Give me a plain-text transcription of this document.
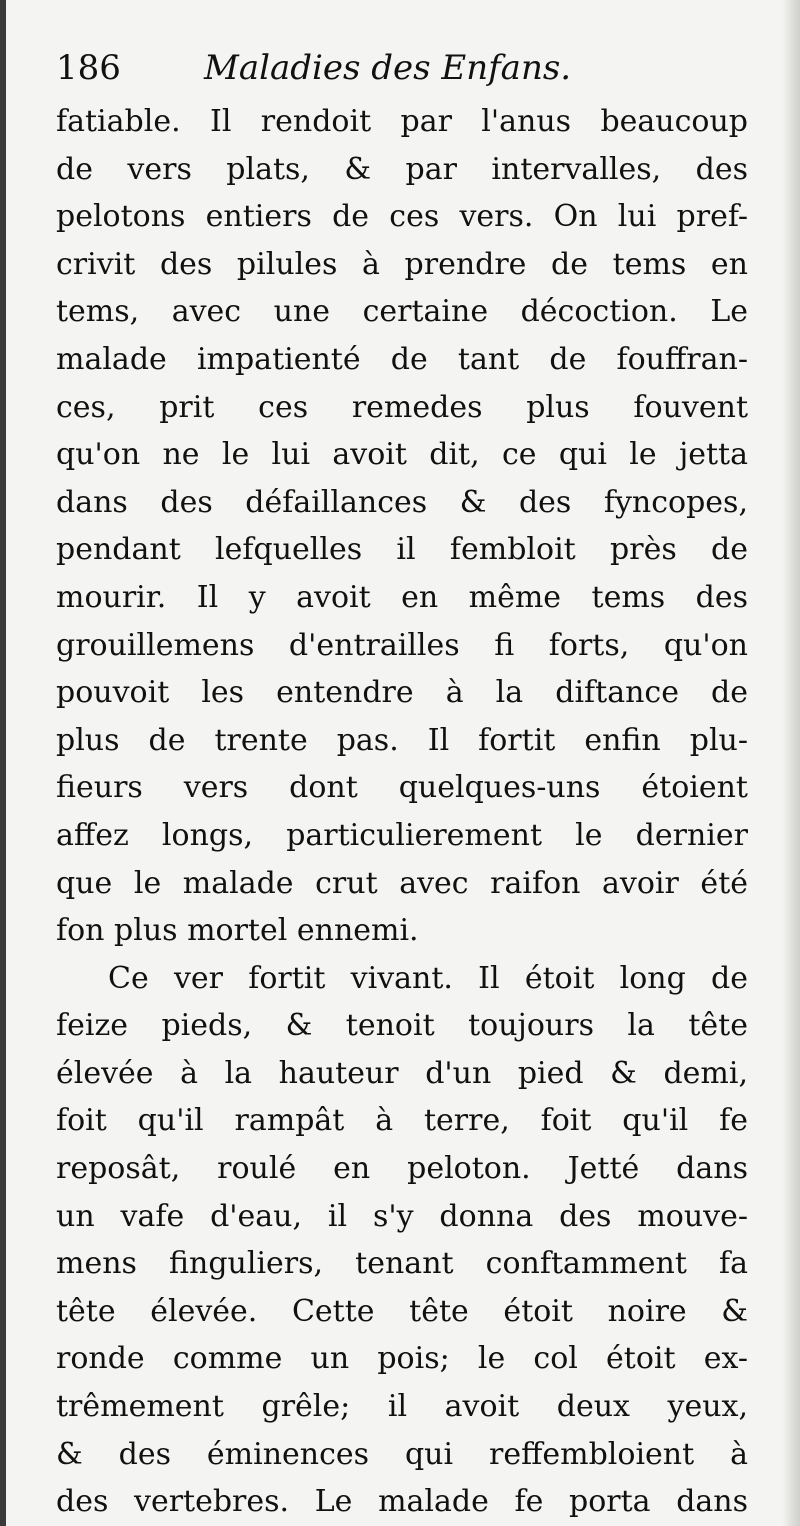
186 Maladies des Enfans.
fatiable. Il rendoit par l'anus beaucoup
de vers plats, & par intervalles, des
pelotons entiers de ces vers. On lui pref-
crivit des pilules à prendre de tems en
tems, avec une certaine décoction. Le
malade impatienté de tant de fouffran-
ces, prit ces remedes plus fouvent
qu'on ne le lui avoit dit, ce qui le jetta
dans des défaillances & des fyncopes,
pendant lefquelles il fembloit près de
mourir. Il y avoit en même tems des
grouillemens d'entrailles fi forts, qu'on
pouvoit les entendre à la diftance de
plus de trente pas. Il fortit enfin plu-
fieurs vers dont quelques-uns étoient
affez longs, particulierement le dernier
que le malade crut avec raifon avoir été
fon plus mortel ennemi.
Ce ver fortit vivant. Il étoit long de
feize pieds, & tenoit toujours la tête
élevée à la hauteur d'un pied & demi,
foit qu'il rampât à terre, foit qu'il fe
reposât, roulé en peloton. Jetté dans
un vafe d'eau, il s'y donna des mouve-
mens finguliers, tenant conftamment fa
tête élevée. Cette tête étoit noire &
ronde comme un pois; le col étoit ex-
trêmement grêle; il avoit deux yeux,
& des éminences qui reffembloient à
des vertebres. Le malade fe porta dans
